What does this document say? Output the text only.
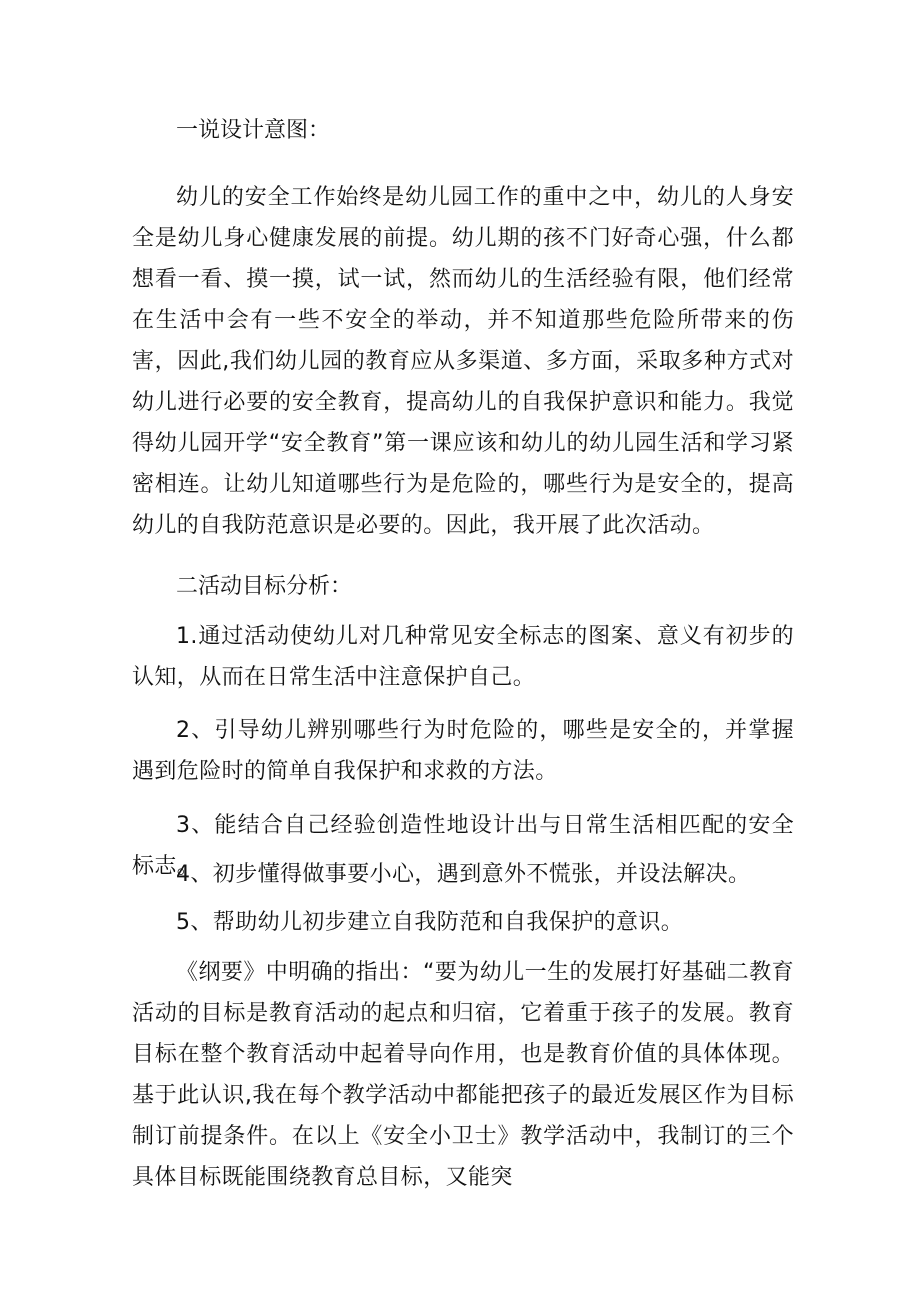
一说设计意图：

幼儿的安全工作始终是幼儿园工作的重中之中，幼儿的人身安全是幼儿身心健康发展的前提。幼儿期的孩不门好奇心强，什么都想看一看、摸一摸，试一试，然而幼儿的生活经验有限，他们经常在生活中会有一些不安全的举动，并不知道那些危险所带来的伤害，因此,我们幼儿园的教育应从多渠道、多方面，采取多种方式对幼儿进行必要的安全教育，提高幼儿的自我保护意识和能力。我觉得幼儿园开学“安全教育”第一课应该和幼儿的幼儿园生活和学习紧密相连。让幼儿知道哪些行为是危险的，哪些行为是安全的，提高幼儿的自我防范意识是必要的。因此，我开展了此次活动。

二活动目标分析：

1.通过活动使幼儿对几种常见安全标志的图案、意义有初步的认知，从而在日常生活中注意保护自己。

2、引导幼儿辨别哪些行为时危险的，哪些是安全的，并掌握遇到危险时的简单自我保护和求救的方法。

3、能结合自己经验创造性地设计出与日常生活相匹配的安全标志。

4、初步懂得做事要小心，遇到意外不慌张，并设法解决。

5、帮助幼儿初步建立自我防范和自我保护的意识。

《纲要》中明确的指出：“要为幼儿一生的发展打好基础二教育活动的目标是教育活动的起点和归宿，它着重于孩子的发展。教育目标在整个教育活动中起着导向作用，也是教育价值的具体体现。基于此认识,我在每个教学活动中都能把孩子的最近发展区作为目标制订前提条件。在以上《安全小卫士》教学活动中，我制订的三个具体目标既能围绕教育总目标，又能突
